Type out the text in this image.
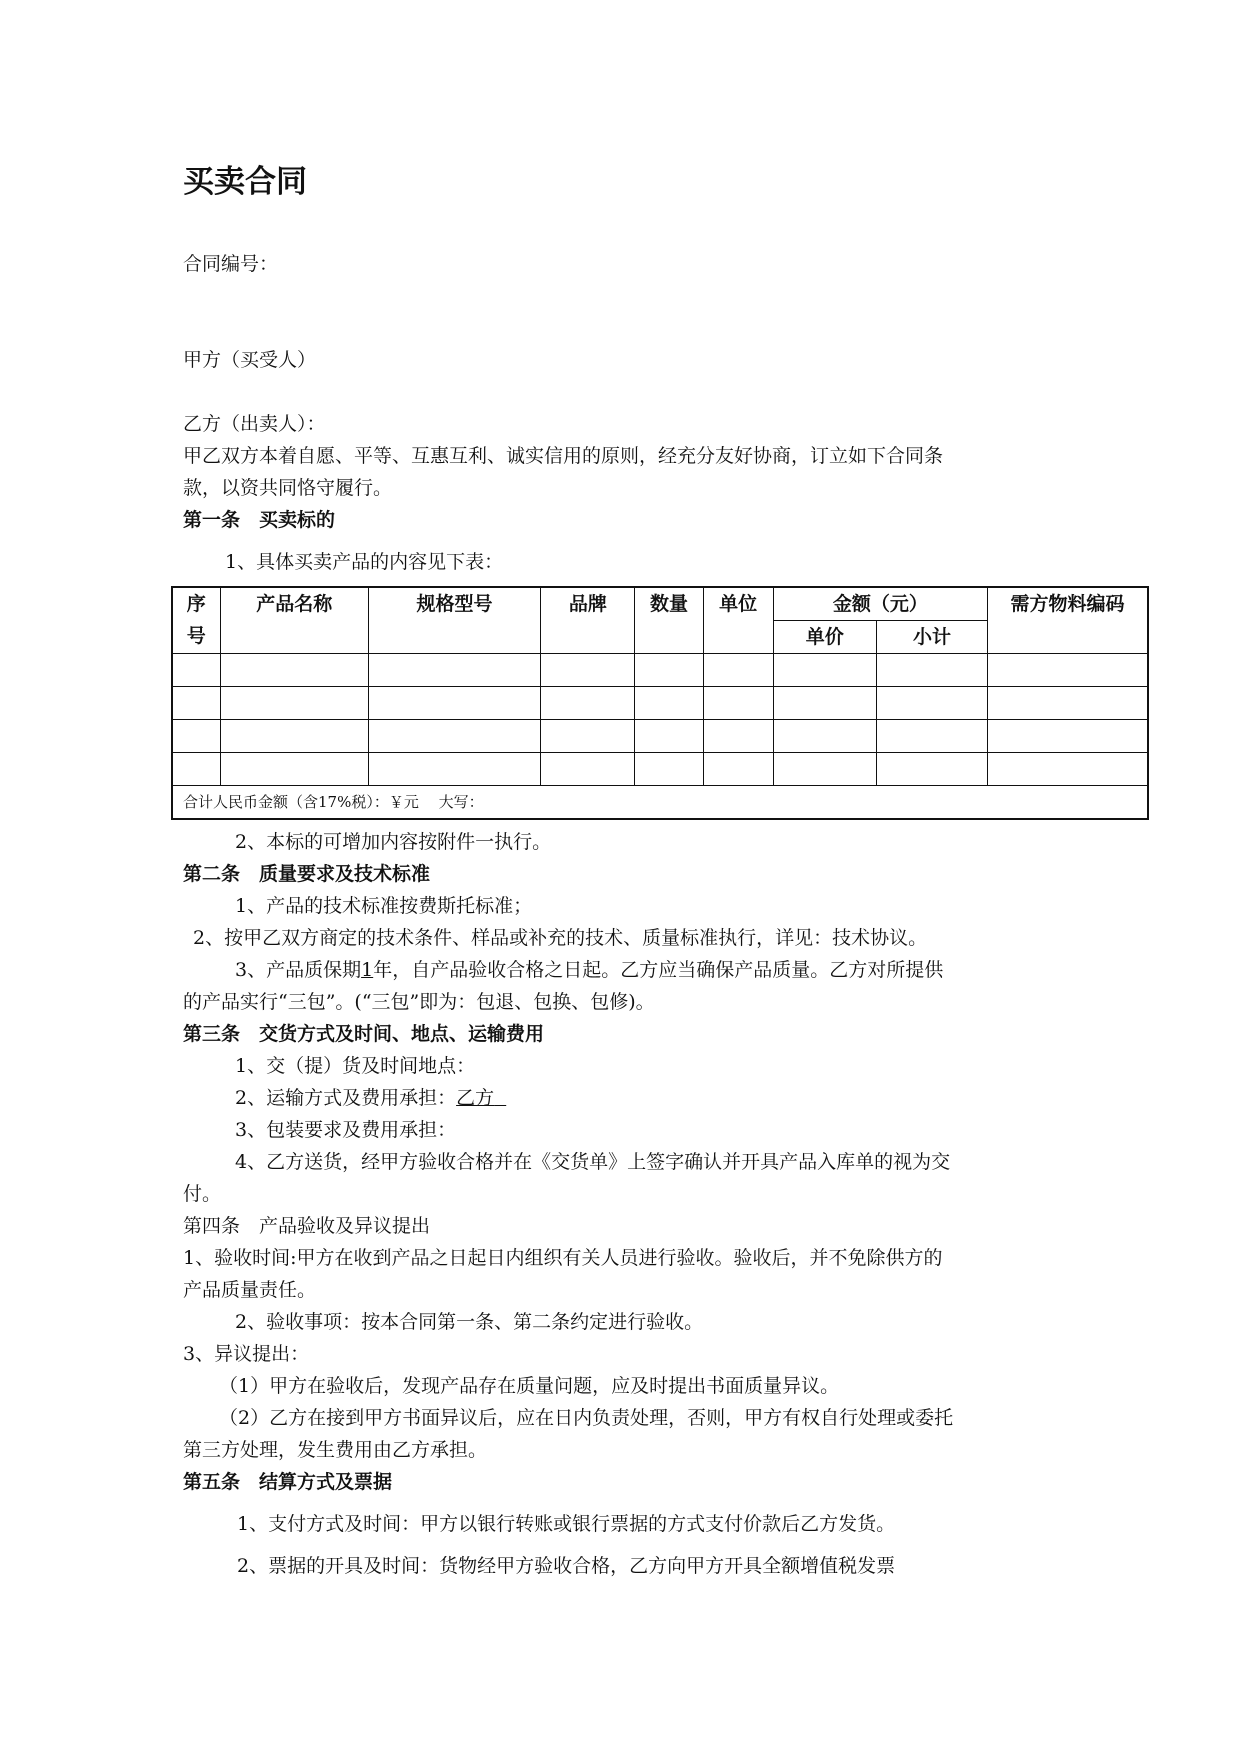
买卖合同
合同编号：
甲方（买受人）
乙方（出卖人）：
甲乙双方本着自愿、平等、互惠互利、诚实信用的原则，经充分友好协商，订立如下合同条
款，以资共同恪守履行。
第一条　买卖标的
1、具体买卖产品的内容见下表：
序
号	产品名称	规格型号	品牌	数量	单位	金额（元）		需方物料编码
						单价	小计	

合计人民币金额（含17%税）：￥元　 大写：								
2、本标的可增加内容按附件一执行。
第二条　质量要求及技术标准
1、产品的技术标准按费斯托标准；
2、按甲乙双方商定的技术条件、样品或补充的技术、质量标准执行，详见：技术协议。
3、产品质保期1年，自产品验收合格之日起。乙方应当确保产品质量。乙方对所提供
的产品实行“三包”。(“三包”即为：包退、包换、包修)。
第三条　交货方式及时间、地点、运输费用
1、交（提）货及时间地点：
2、运输方式及费用承担：乙方
3、包装要求及费用承担：
4、乙方送货，经甲方验收合格并在《交货单》上签字确认并开具产品入库单的视为交
付。
第四条　产品验收及异议提出
1、验收时间:甲方在收到产品之日起日内组织有关人员进行验收。验收后，并不免除供方的
产品质量责任。
2、验收事项：按本合同第一条、第二条约定进行验收。
3、异议提出：
（1）甲方在验收后，发现产品存在质量问题，应及时提出书面质量异议。
（2）乙方在接到甲方书面异议后，应在日内负责处理，否则，甲方有权自行处理或委托
第三方处理，发生费用由乙方承担。
第五条　结算方式及票据
1、支付方式及时间：甲方以银行转账或银行票据的方式支付价款后乙方发货。
2、票据的开具及时间：货物经甲方验收合格，乙方向甲方开具全额增值税发票
